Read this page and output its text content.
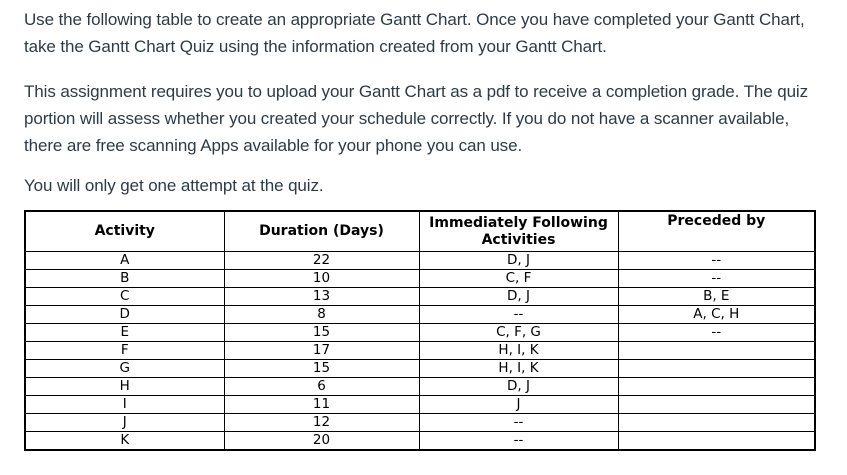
Use the following table to create an appropriate Gantt Chart. Once you have completed your Gantt Chart, take the Gantt Chart Quiz using the information created from your Gantt Chart.

This assignment requires you to upload your Gantt Chart as a pdf to receive a completion grade. The quiz portion will assess whether you created your schedule correctly. If you do not have a scanner available, there are free scanning Apps available for your phone you can use.

You will only get one attempt at the quiz.

Activity	Duration (Days)	Immediately Following Activities	Preceded by
A	22	D, J	--
B	10	C, F	--
C	13	D, J	B, E
D	8	--	A, C, H
E	15	C, F, G	--
F	17	H, I, K	
G	15	H, I, K	
H	6	D, J	
I	11	J	
J	12	--	
K	20	--	
